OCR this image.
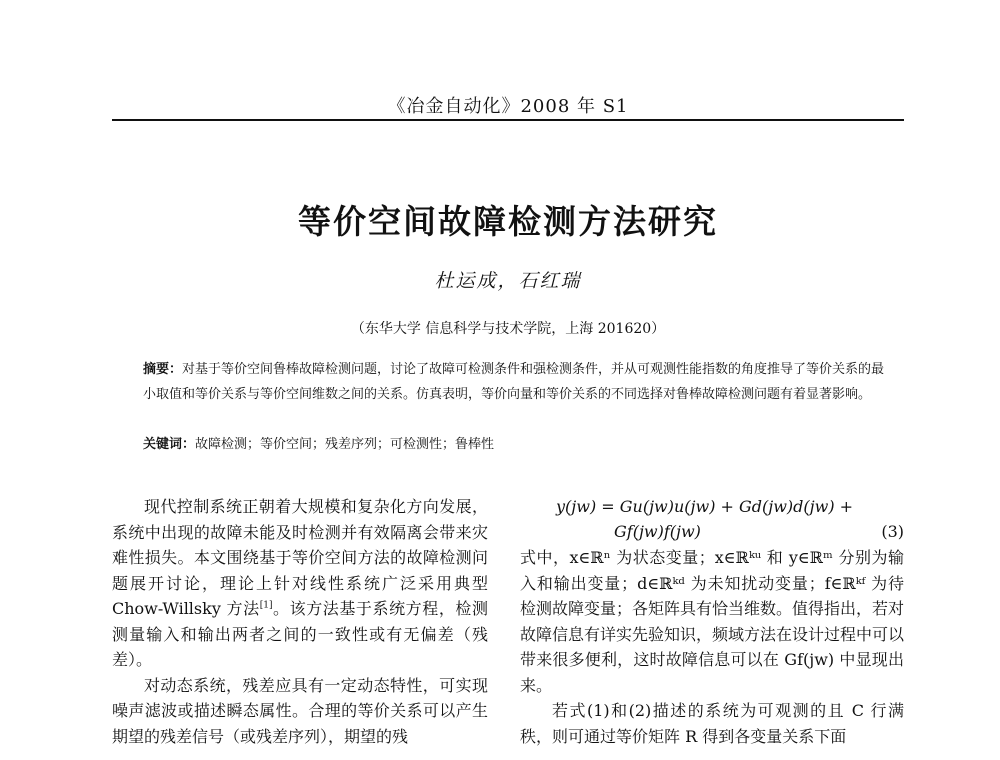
《冶金自动化》2008 年 S1
等价空间故障检测方法研究
杜运成，石红瑞
（东华大学 信息科学与技术学院，上海 201620）
摘要：对基于等价空间鲁棒故障检测问题，讨论了故障可检测条件和强检测条件，并从可观测性能指数的角度推导了等价关系的最小取值和等价关系与等价空间维数之间的关系。仿真表明，等价向量和等价关系的不同选择对鲁棒故障检测问题有着显著影响。
关键词：故障检测；等价空间；残差序列；可检测性；鲁棒性

现代控制系统正朝着大规模和复杂化方向发展，系统中出现的故障未能及时检测并有效隔离会带来灾难性损失。本文围绕基于等价空间方法的故障检测问题展开讨论，理论上针对线性系统广泛采用典型 Chow-Willsky 方法[1]。该方法基于系统方程，检测测量输入和输出两者之间的一致性或有无偏差（残差）。

对动态系统，残差应具有一定动态特性，可实现噪声滤波或描述瞬态属性。合理的等价关系可以产生期望的残差信号（或残差序列），期望的残

y(jw) = Gu(jw)u(jw) + Gd(jw)d(jw) +
Gf(jw)f(jw)	(3)

式中，x∈ℝⁿ 为状态变量；x∈ℝᵏᵘ 和 y∈ℝᵐ 分别为输入和输出变量；d∈ℝᵏᵈ 为未知扰动变量；f∈ℝᵏᶠ 为待检测故障变量；各矩阵具有恰当维数。值得指出，若对故障信息有详实先验知识，频域方法在设计过程中可以带来很多便利，这时故障信息可以在 Gf(jw) 中显现出来。

若式(1)和(2)描述的系统为可观测的且 C 行满秩，则可通过等价矩阵 R 得到各变量关系下面
